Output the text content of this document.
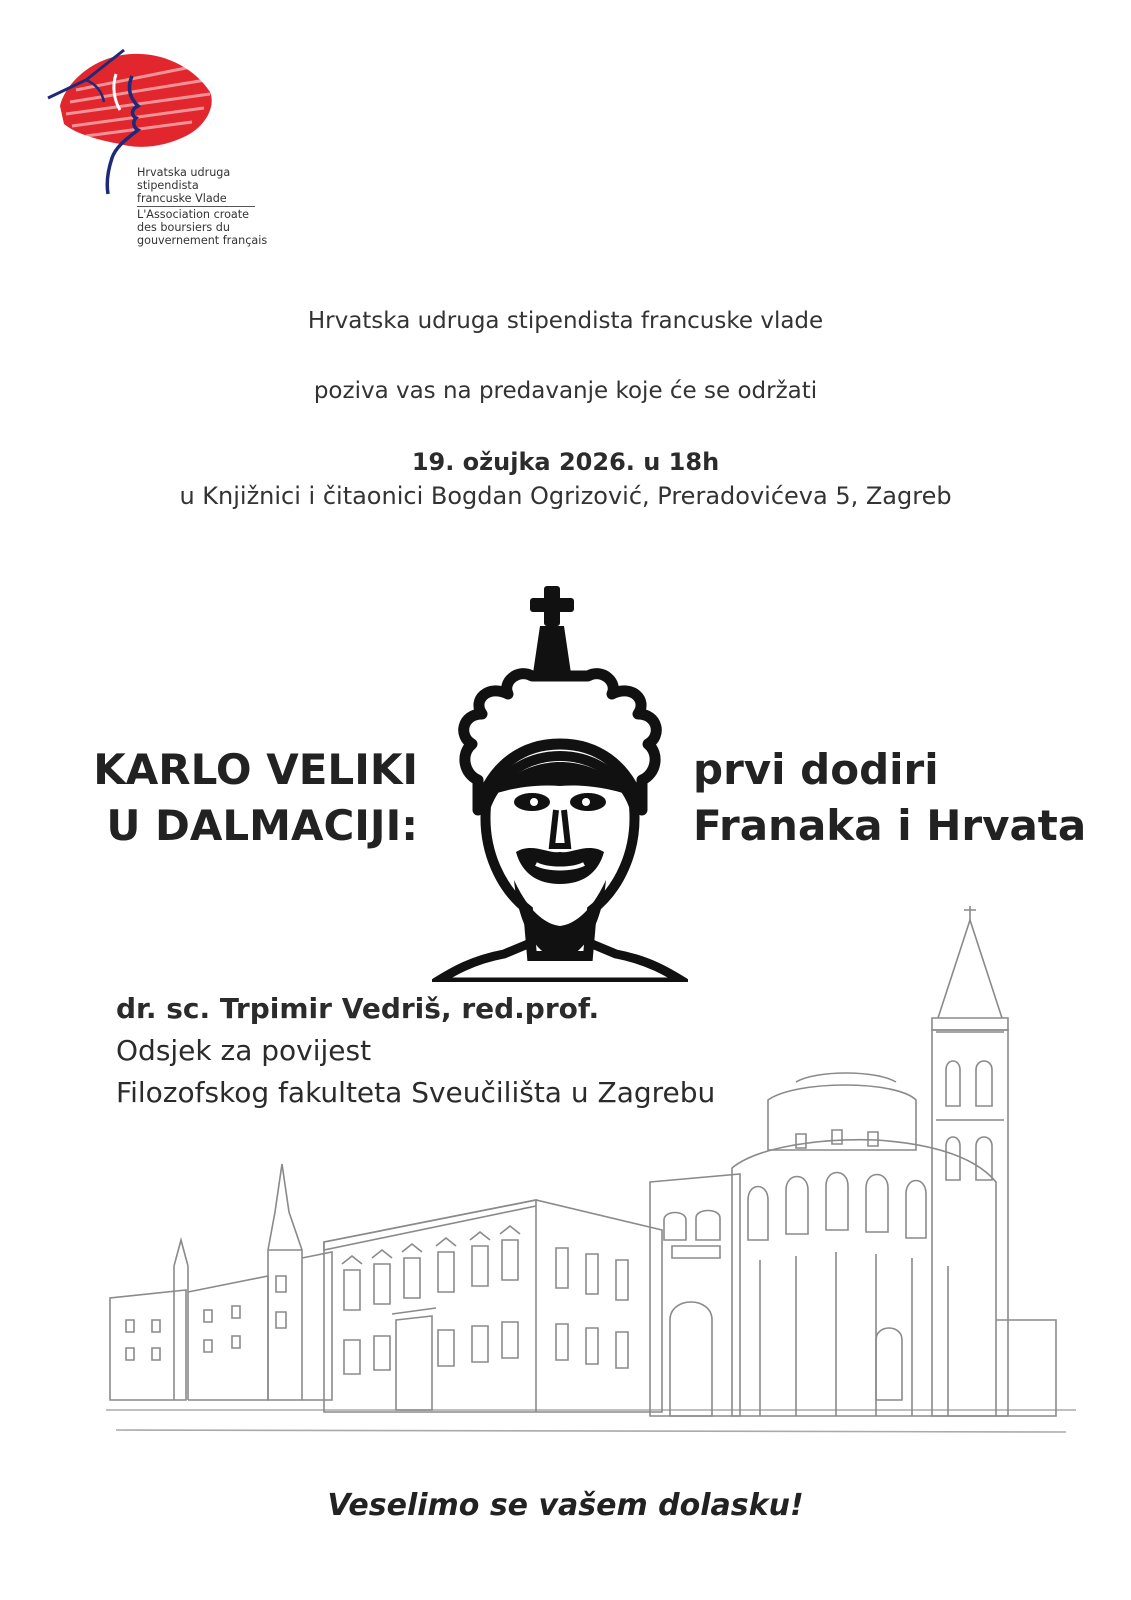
Hrvatska udruga
stipendista
francuske Vlade
L'Association croate
des boursiers du
gouvernement français
Hrvatska udruga stipendista francuske vlade
poziva vas na predavanje koje će se održati
19. ožujka 2026. u 18h
u Knjižnici i čitaonici Bogdan Ogrizović, Preradovićeva 5, Zagreb
KARLO VELIKI
U DALMACIJI:
prvi dodiri
Franaka i Hrvata
dr. sc. Trpimir Vedriš, red.prof.
Odsjek za povijest
Filozofskog fakulteta Sveučilišta u Zagrebu
Veselimo se vašem dolasku!
